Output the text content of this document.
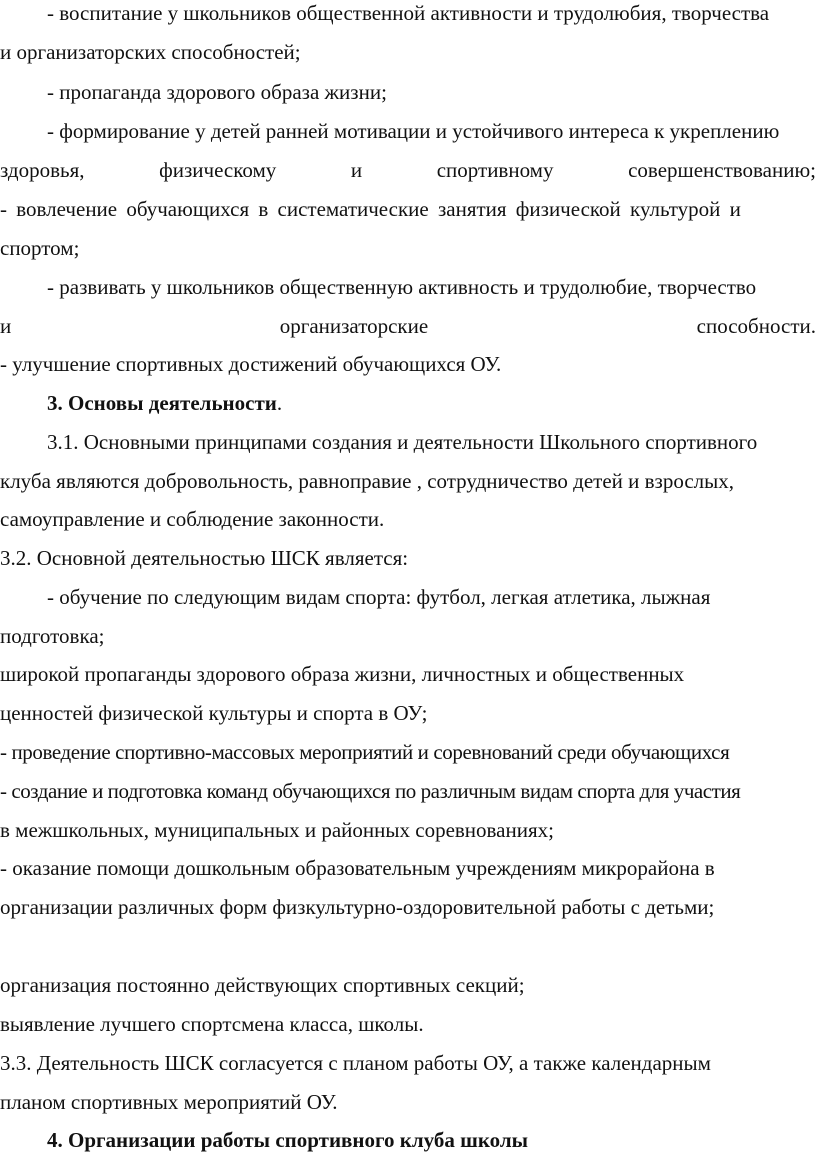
- воспитание у школьников общественной активности и трудолюбия, творчества
и организаторских способностей;
- пропаганда здорового образа жизни;
- формирование у детей ранней мотивации и устойчивого интереса к укреплению
здоровья,	физическому	и	спортивному	совершенствованию;
- вовлечение обучающихся в систематические занятия физической культурой и
спортом;
- развивать у школьников общественную активность и трудолюбие, творчество
и	организаторские	способности.
- улучшение спортивных достижений обучающихся ОУ.
3. Основы деятельности.
3.1. Основными принципами создания и деятельности Школьного спортивного
клуба являются добровольность, равноправие , сотрудничество детей и взрослых,
самоуправление и соблюдение законности.
3.2. Основной деятельностью ШСК является:
- обучение по следующим видам спорта: футбол, легкая атлетика, лыжная
подготовка;
широкой пропаганды здорового образа жизни, личностных и общественных
ценностей физической культуры и спорта в ОУ;
- проведение спортивно-массовых мероприятий и соревнований среди обучающихся
- создание и подготовка команд обучающихся по различным видам спорта для участия
в межшкольных, муниципальных и районных соревнованиях;
- оказание помощи дошкольным образовательным учреждениям микрорайона в
организации различных форм физкультурно-оздоровительной работы с детьми;
организация постоянно действующих спортивных секций;
выявление лучшего спортсмена класса, школы.
3.3. Деятельность ШСК согласуется с планом работы ОУ, а также календарным
планом спортивных мероприятий ОУ.
4. Организации работы спортивного клуба школы
